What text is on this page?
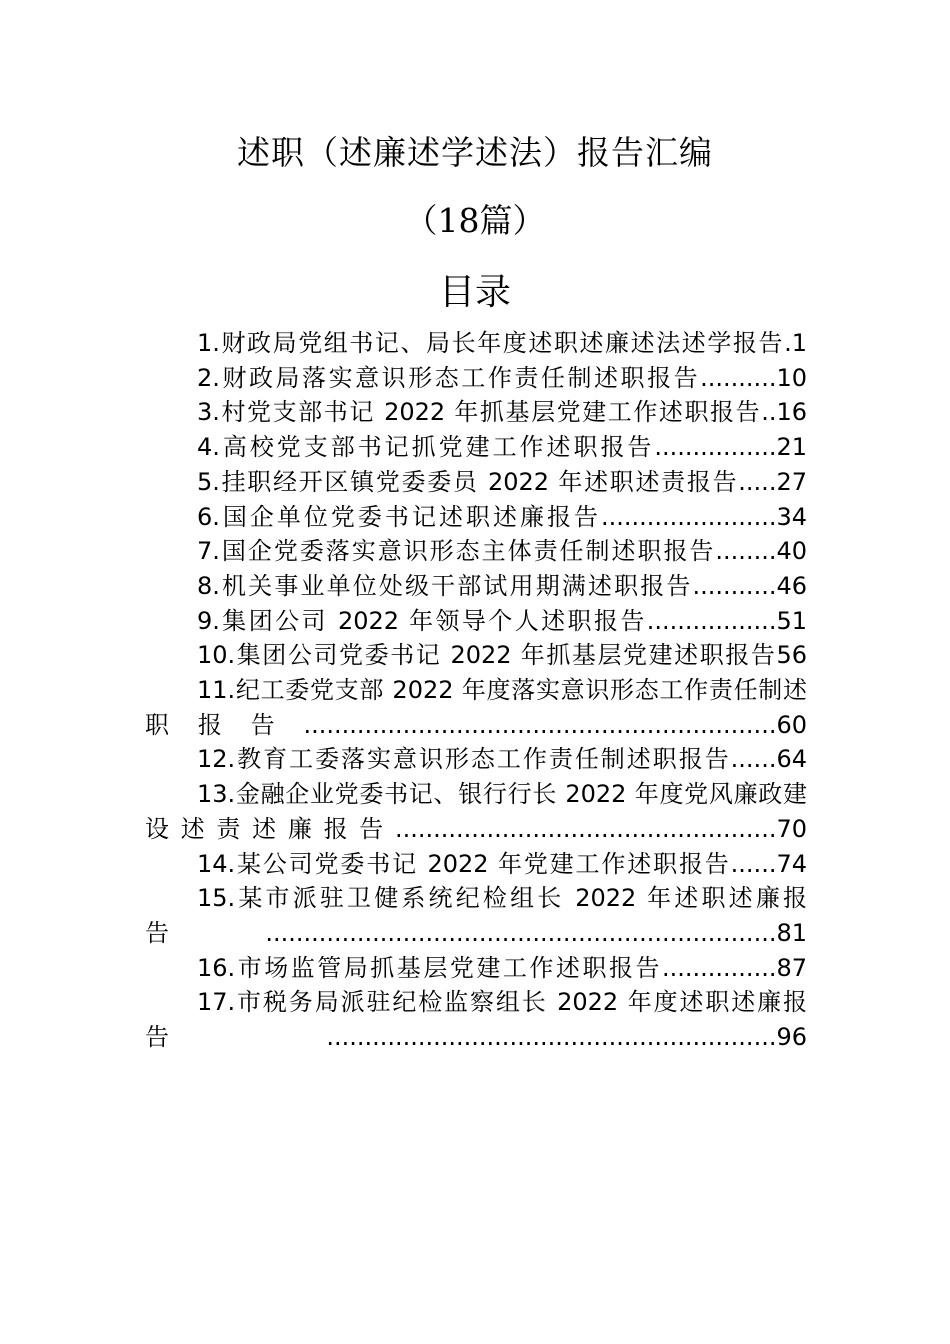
述职（述廉述学述法）报告汇编
（18篇）
目录
1.财政局党组书记、局长年度述职述廉述法述学报告.1
2.财政局落实意识形态工作责任制述职报告..........10
3.村党支部书记 2022 年抓基层党建工作述职报告..16
4.高校党支部书记抓党建工作述职报告................21
5.挂职经开区镇党委委员 2022 年述职述责报告.....27
6.国企单位党委书记述职述廉报告.......................34
7.国企党委落实意识形态主体责任制述职报告........40
8.机关事业单位处级干部试用期满述职报告...........46
9.集团公司 2022 年领导个人述职报告.................51
10.集团公司党委书记 2022 年抓基层党建述职报告56
11.纪工委党支部 2022 年度落实意识形态工作责任制述职报告..............................................................60
12.教育工委落实意识形态工作责任制述职报告......64
13.金融企业党委书记、银行行长 2022 年度党风廉政建设述责述廉报告..................................................70
14.某公司党委书记 2022 年党建工作述职报告......74
15.某市派驻卫健系统纪检组长 2022 年述职述廉报告...................................................................81
16.市场监管局抓基层党建工作述职报告...............87
17.市税务局派驻纪检监察组长 2022 年度述职述廉报告...........................................................96
